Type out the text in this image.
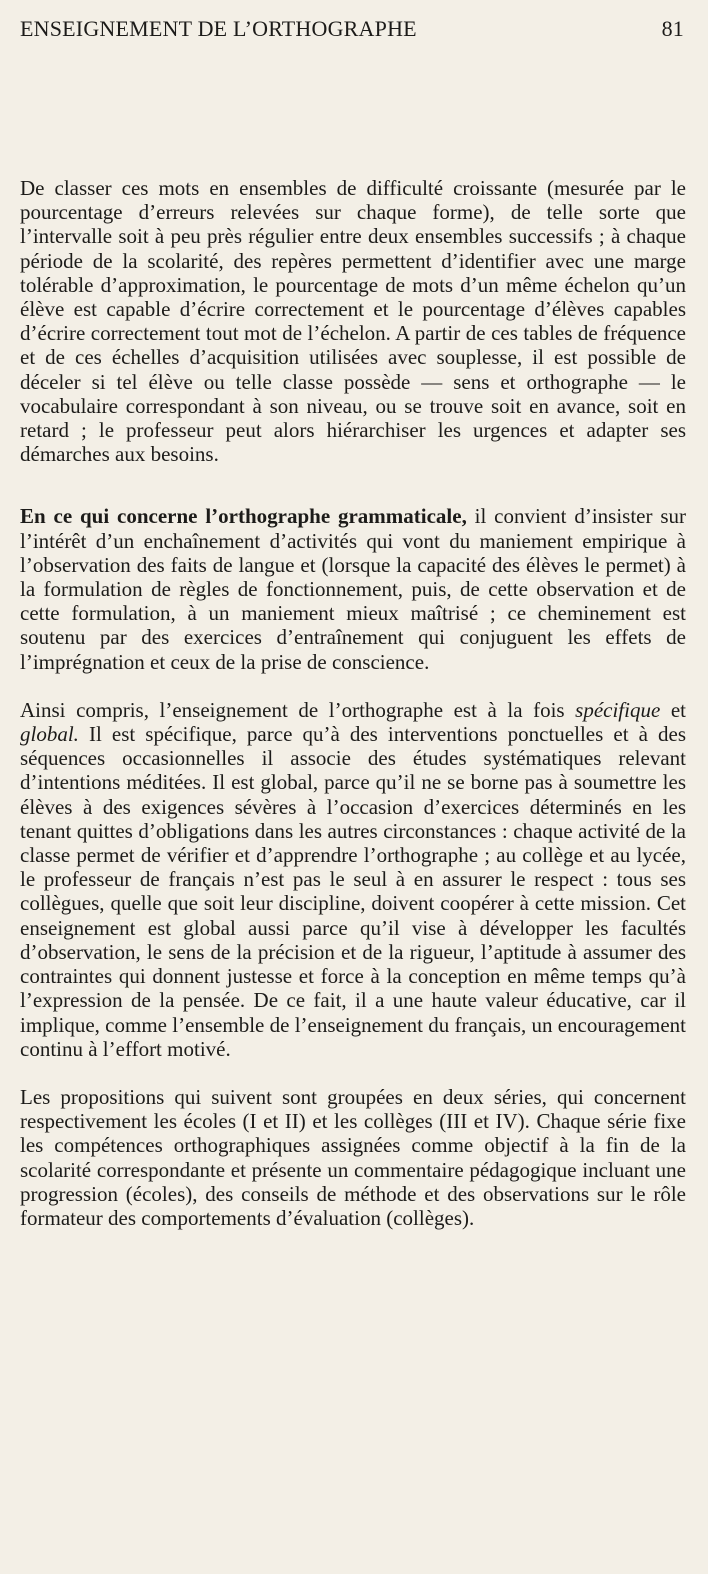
ENSEIGNEMENT DE L’ORTHOGRAPHE	81

De classer ces mots en ensembles de difficulté croissante (mesurée par le pourcentage d’erreurs relevées sur chaque forme), de telle sorte que l’intervalle soit à peu près régulier entre deux ensembles successifs ; à chaque période de la scolarité, des repères permettent d’identifier avec une marge tolérable d’approximation, le pourcentage de mots d’un même échelon qu’un élève est capable d’écrire correctement et le pourcentage d’élèves capables d’écrire correctement tout mot de l’échelon. A partir de ces tables de fréquence et de ces échelles d’acquisition utilisées avec souplesse, il est possible de déceler si tel élève ou telle classe possède — sens et orthographe — le vocabulaire correspondant à son niveau, ou se trouve soit en avance, soit en retard ; le professeur peut alors hiérarchiser les urgences et adapter ses démarches aux besoins.

En ce qui concerne l’orthographe grammaticale, il convient d’insister sur l’intérêt d’un enchaînement d’activités qui vont du maniement empirique à l’observation des faits de langue et (lorsque la capacité des élèves le permet) à la formulation de règles de fonctionnement, puis, de cette observation et de cette formulation, à un maniement mieux maîtrisé ; ce cheminement est soutenu par des exercices d’entraînement qui conjuguent les effets de l’imprégnation et ceux de la prise de conscience.

Ainsi compris, l’enseignement de l’orthographe est à la fois spécifique et global. Il est spécifique, parce qu’à des interventions ponctuelles et à des séquences occasionnelles il associe des études systématiques relevant d’intentions méditées. Il est global, parce qu’il ne se borne pas à soumettre les élèves à des exigences sévères à l’occasion d’exercices déterminés en les tenant quittes d’obligations dans les autres circonstances : chaque activité de la classe permet de vérifier et d’apprendre l’orthographe ; au collège et au lycée, le professeur de français n’est pas le seul à en assurer le respect : tous ses collègues, quelle que soit leur discipline, doivent coopérer à cette mission. Cet enseignement est global aussi parce qu’il vise à développer les facultés d’observation, le sens de la précision et de la rigueur, l’aptitude à assumer des contraintes qui donnent justesse et force à la conception en même temps qu’à l’expression de la pensée. De ce fait, il a une haute valeur éducative, car il implique, comme l’ensemble de l’enseignement du français, un encouragement continu à l’effort motivé.

Les propositions qui suivent sont groupées en deux séries, qui concernent respectivement les écoles (I et II) et les collèges (III et IV). Chaque série fixe les compétences orthographiques assignées comme objectif à la fin de la scolarité correspondante et présente un commentaire pédagogique incluant une progression (écoles), des conseils de méthode et des observations sur le rôle formateur des comportements d’évaluation (collèges).
